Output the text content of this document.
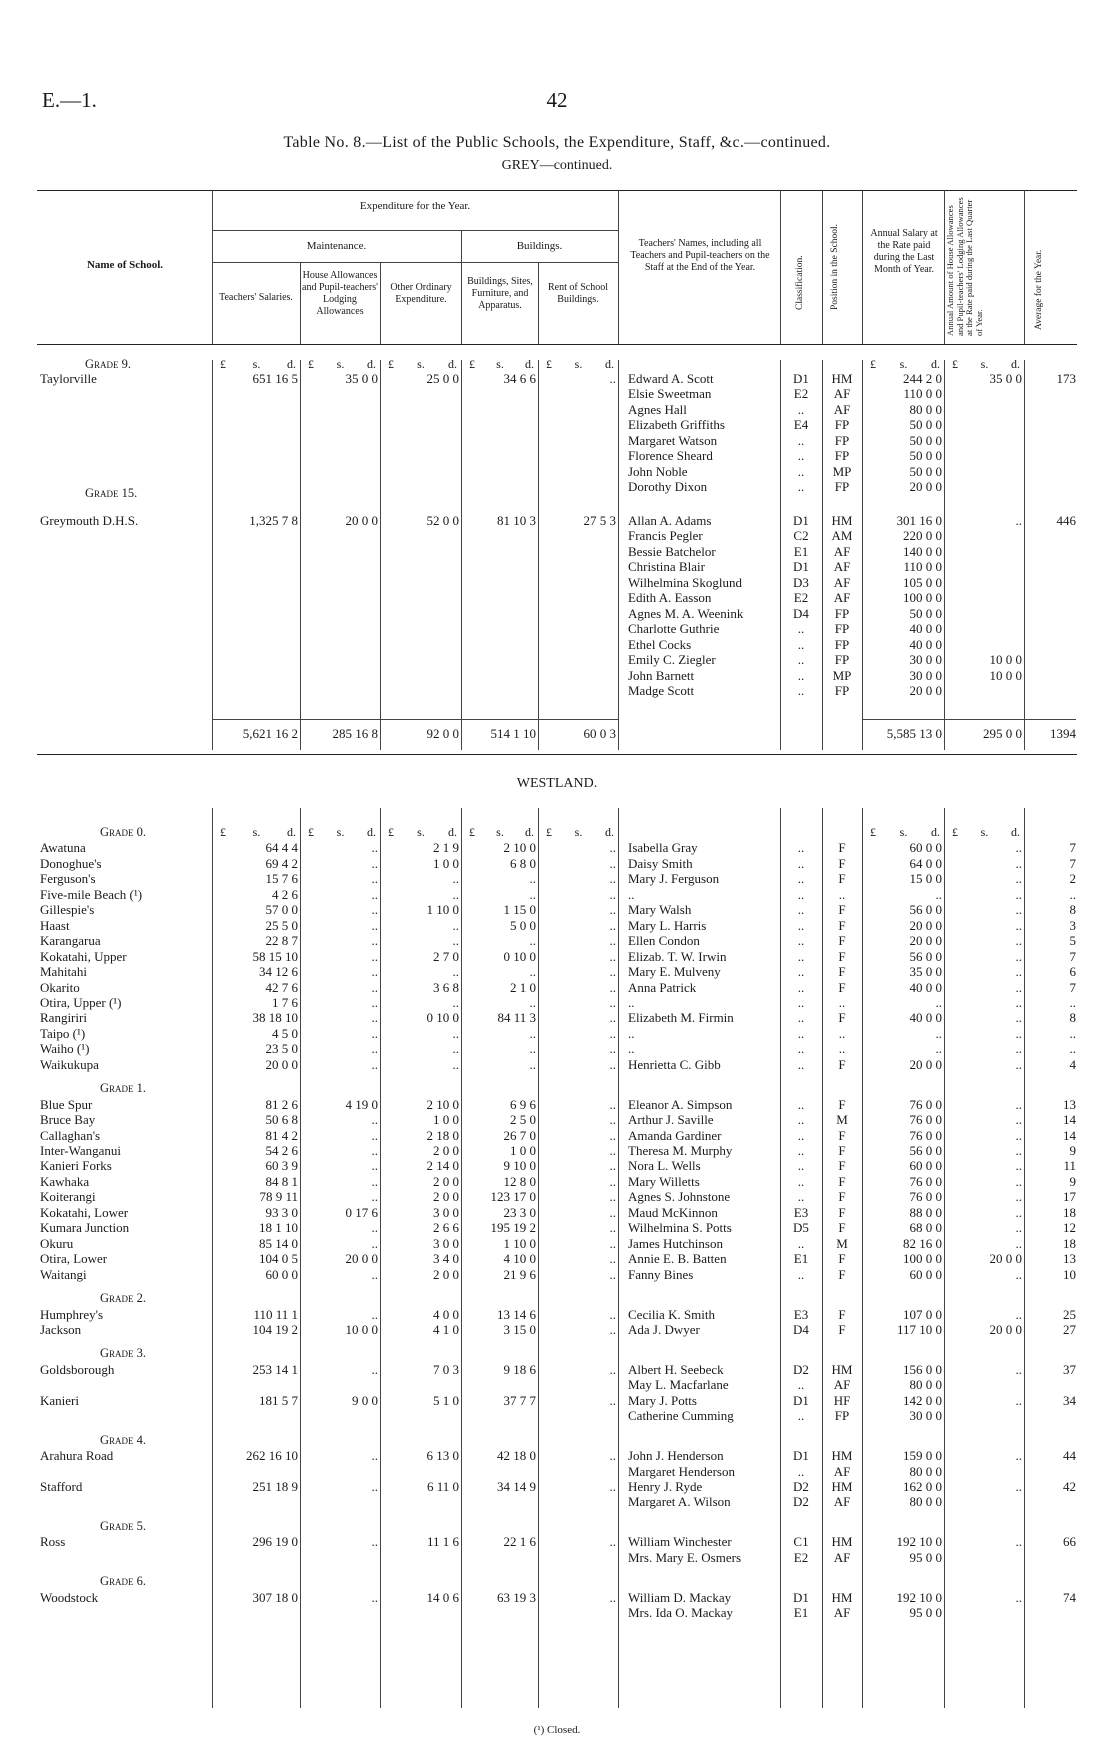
E.—1.	42
Table No. 8.—List of the Public Schools, the Expenditure, Staff, &c.—continued.
GREY—continued.
Name of School.
Expenditure for the Year.
Maintenance.	Buildings.
Teachers' Salaries.
House Allowances and Pupil-teachers' Lodging Allowances
Other Ordinary Expenditure.
Buildings, Sites, Furniture, and Apparatus.
Rent of School Buildings.
Teachers' Names, including all Teachers and Pupil-teachers on the Staff at the End of the Year.	Classification.	Position in the School.	Annual Salary at the Rate paid during the Last Month of Year.	Annual Amount of House Allowances and Pupil-teachers' Lodging Allowances at the Rate paid during the Last Quarter of Year.	Average for the Year.
£ s. d. £ s. d. £ s. d. £ s. d. £ s. d.	£ s. d. £ s. d.
Grade 9.
Taylorville	651 16 5	35 0 0	25 0 0	34 6 6	..	173
Edward A. Scott	D1	HM	244 2 0	35 0 0
Elsie Sweetman	E2	AF	110 0 0
Agnes Hall	..	AF	80 0 0
Elizabeth Griffiths	E4	FP	50 0 0
Margaret Watson	..	FP	50 0 0
Florence Sheard	..	FP	50 0 0
John Noble	..	MP	50 0 0
Dorothy Dixon	..	FP	20 0 0
Grade 15.
Greymouth D.H.S.	1,325 7 8	20 0 0	52 0 0	81 10 3	27 5 3	446
Allan A. Adams	D1	HM	301 16 0	..
Francis Pegler	C2	AM	220 0 0
Bessie Batchelor	E1	AF	140 0 0
Christina Blair	D1	AF	110 0 0
Wilhelmina Skoglund	D3	AF	105 0 0
Edith A. Easson	E2	AF	100 0 0
Agnes M. A. Weenink	D4	FP	50 0 0
Charlotte Guthrie	..	FP	40 0 0
Ethel Cocks	..	FP	40 0 0
Emily C. Ziegler	..	FP	30 0 0	10 0 0
John Barnett	..	MP	30 0 0	10 0 0
Madge Scott	..	FP	20 0 0
5,621 16 2	285 16 8	92 0 0	514 1 10	60 0 3	5,585 13 0	295 0 0	1394
WESTLAND.
£ s. d. £ s. d. £ s. d. £ s. d. £ s. d.	£ s. d. £ s. d.
Grade 0.
Awatuna	64 4 4	..	2 1 9	2 10 0	.. Isabella Gray	..	F	60 0 0	..	7
Donoghue's	69 4 2	..	1 0 0	6 8 0	.. Daisy Smith	..	F	64 0 0	..	7
Ferguson's	15 7 6	..	..	..	.. Mary J. Ferguson	..	F	15 0 0	..	2
Five-mile Beach (¹)	4 2 6	..	..	..	.. ..	..	..	..	..	..
Gillespie's	57 0 0	..	1 10 0	1 15 0	.. Mary Walsh	..	F	56 0 0	..	8
Haast	25 5 0	..	..	5 0 0	.. Mary L. Harris	..	F	20 0 0	..	3
Karangarua	22 8 7	..	..	..	.. Ellen Condon	..	F	20 0 0	..	5
Kokatahi, Upper	58 15 10	..	2 7 0	0 10 0	.. Elizab. T. W. Irwin	..	F	56 0 0	..	7
Mahitahi	34 12 6	..	..	..	.. Mary E. Mulveny	..	F	35 0 0	..	6
Okarito	42 7 6	..	3 6 8	2 1 0	.. Anna Patrick	..	F	40 0 0	..	7
Otira, Upper (¹)	1 7 6	..	..	..	.. ..	..	..	..	..	..
Rangiriri	38 18 10	..	0 10 0	84 11 3	.. Elizabeth M. Firmin	..	F	40 0 0	..	8
Taipo (¹)	4 5 0	..	..	..	.. ..	..	..	..	..	..
Waiho (¹)	23 5 0	..	..	..	.. ..	..	..	..	..	..
Waikukupa	20 0 0	..	..	..	.. Henrietta C. Gibb	..	F	20 0 0	..	4
Grade 1.
Blue Spur	81 2 6	4 19 0	2 10 0	6 9 6	.. Eleanor A. Simpson	..	F	76 0 0	..	13
Bruce Bay	50 6 8	..	1 0 0	2 5 0	.. Arthur J. Saville	..	M	76 0 0	..	14
Callaghan's	81 4 2	..	2 18 0	26 7 0	.. Amanda Gardiner	..	F	76 0 0	..	14
Inter-Wanganui	54 2 6	..	2 0 0	1 0 0	.. Theresa M. Murphy	..	F	56 0 0	..	9
Kanieri Forks	60 3 9	..	2 14 0	9 10 0	.. Nora L. Wells	..	F	60 0 0	..	11
Kawhaka	84 8 1	..	2 0 0	12 8 0	.. Mary Willetts	..	F	76 0 0	..	9
Koiterangi	78 9 11	..	2 0 0	123 17 0	.. Agnes S. Johnstone	..	F	76 0 0	..	17
Kokatahi, Lower	93 3 0	0 17 6	3 0 0	23 3 0	.. Maud McKinnon	E3	F	88 0 0	..	18
Kumara Junction	18 1 10	..	2 6 6	195 19 2	.. Wilhelmina S. Potts	D5	F	68 0 0	..	12
Okuru	85 14 0	..	3 0 0	1 10 0	.. James Hutchinson	..	M	82 16 0	..	18
Otira, Lower	104 0 5	20 0 0	3 4 0	4 10 0	.. Annie E. B. Batten	E1	F	100 0 0	20 0 0	13
Waitangi	60 0 0	..	2 0 0	21 9 6	.. Fanny Bines	..	F	60 0 0	..	10
Grade 2.
Humphrey's	110 11 1	..	4 0 0	13 14 6	.. Cecilia K. Smith	E3	F	107 0 0	..	25
Jackson	104 19 2	10 0 0	4 1 0	3 15 0	.. Ada J. Dwyer	D4	F	117 10 0	20 0 0	27
Grade 3.
Goldsborough	253 14 1	..	7 0 3	9 18 6	.. Albert H. Seebeck	D2	HM	156 0 0	..	37
May L. Macfarlane	..	AF	80 0 0
Kanieri	181 5 7	9 0 0	5 1 0	37 7 7	.. Mary J. Potts	D1	HF	142 0 0	..	34
Catherine Cumming	..	FP	30 0 0
Grade 4.
Arahura Road	262 16 10	..	6 13 0	42 18 0	.. John J. Henderson	D1	HM	159 0 0	..	44
Margaret Henderson	..	AF	80 0 0
Stafford	251 18 9	..	6 11 0	34 14 9	.. Henry J. Ryde	D2	HM	162 0 0	..	42
Margaret A. Wilson	D2	AF	80 0 0
Grade 5.
Ross	296 19 0	..	11 1 6	22 1 6	.. William Winchester	C1	HM	192 10 0	..	66
Mrs. Mary E. Osmers	E2	AF	95 0 0
Grade 6.
Woodstock	307 18 0	..	14 0 6	63 19 3	.. William D. Mackay	D1	HM	192 10 0	..	74
Mrs. Ida O. Mackay	E1	AF	95 0 0
(¹) Closed.
